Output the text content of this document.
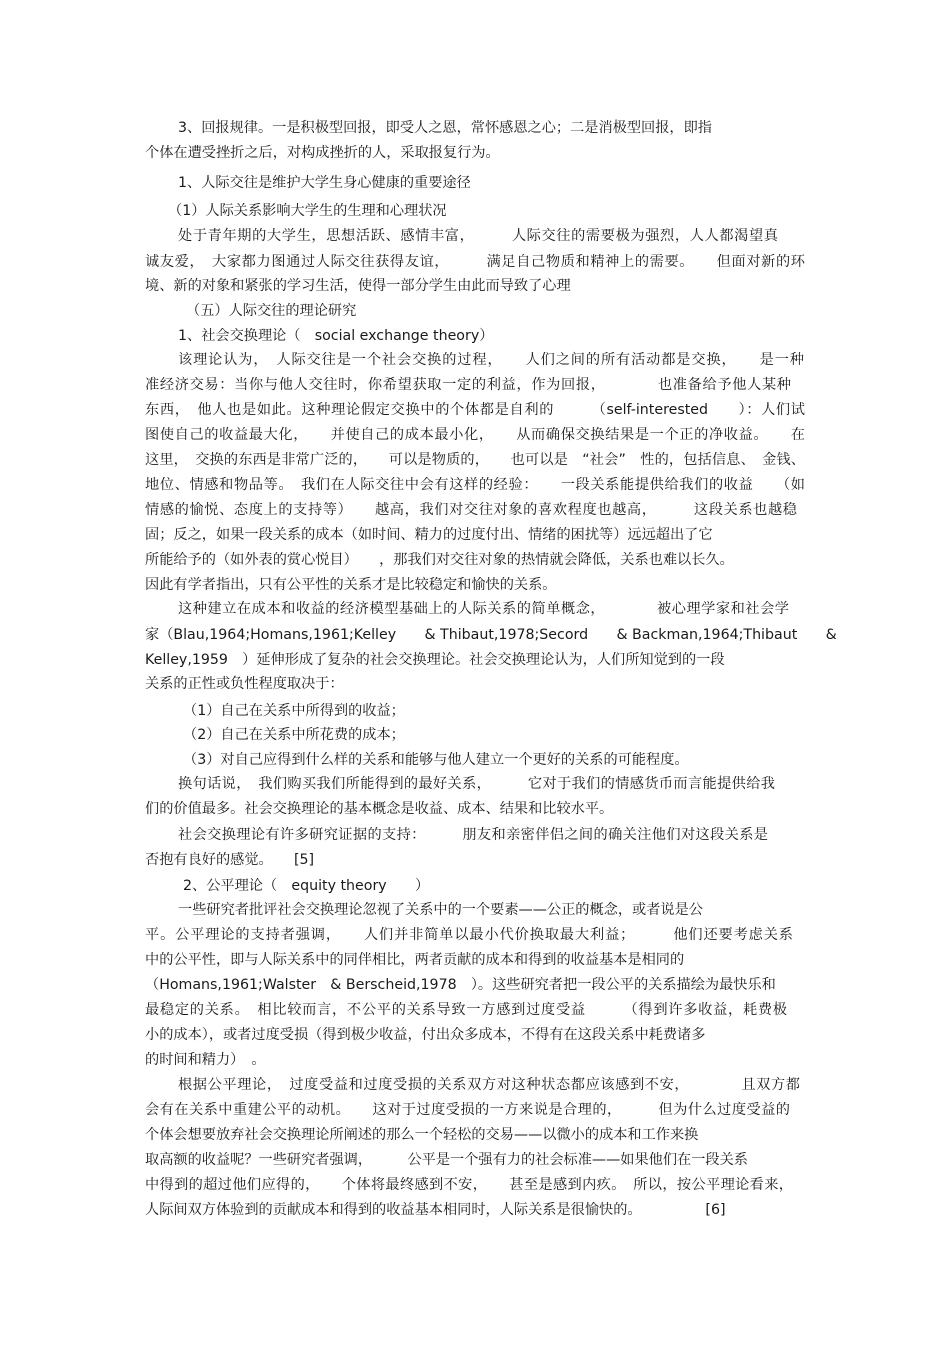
3、回报规律。一是积极型回报，即受人之恩，常怀感恩之心；二是消极型回报，即指
个体在遭受挫折之后，对构成挫折的人，采取报复行为。
1、人际交往是维护大学生身心健康的重要途径
（1）人际关系影响大学生的生理和心理状况
处于青年期的大学生，思想活跃、感情丰富，　　　人际交往的需要极为强烈，人人都渴望真
诚友爱，　大家都力图通过人际交往获得友谊，　　　满足自己物质和精神上的需要。　　但面对新的环
境、新的对象和紧张的学习生活，使得一部分学生由此而导致了心理
（五）人际交往的理论研究
1、社会交换理论（　social exchange theory）
该理论认为，　人际交往是一个社会交换的过程，　　人们之间的所有活动都是交换，　　是一种
准经济交易：当你与他人交往时，你希望获取一定的利益，作为回报，　　　　也准备给予他人某种
东西，　他人也是如此。这种理论假定交换中的个体都是自利的　　　（self-interested　　）：人们试
图使自己的收益最大化，　　并使自己的成本最小化，　　从而确保交换结果是一个正的净收益。　　在
这里，　交换的东西是非常广泛的，　　可以是物质的，　　也可以是　“社会”　性的，包括信息、　金钱、
地位、情感和物品等。　我们在人际交往中会有这样的经验：　　一段关系能提供给我们的收益　　（如
情感的愉悦、态度上的支持等）　　越高，我们对交往对象的喜欢程度也越高，　　　这段关系也越稳
固；反之，如果一段关系的成本（如时间、精力的过度付出、情绪的困扰等）远远超出了它
所能给予的（如外表的赏心悦目）　　，那我们对交往对象的热情就会降低，关系也难以长久。
因此有学者指出，只有公平性的关系才是比较稳定和愉快的关系。
这种建立在成本和收益的经济模型基础上的人际关系的简单概念，　　　　被心理学家和社会学
家（Blau,1964;Homans,1961;Kelley　　& Thibaut,1978;Secord　　& Backman,1964;Thibaut　　&
Kelley,1959　）延伸形成了复杂的社会交换理论。社会交换理论认为，人们所知觉到的一段
关系的正性或负性程度取决于：
（1）自己在关系中所得到的收益；
（2）自己在关系中所花费的成本；
（3）对自己应得到什么样的关系和能够与他人建立一个更好的关系的可能程度。
换句话说，　我们购买我们所能得到的最好关系，　　　它对于我们的情感货币而言能提供给我
们的价值最多。社会交换理论的基本概念是收益、成本、结果和比较水平。
社会交换理论有许多研究证据的支持：　　　朋友和亲密伴侣之间的确关注他们对这段关系是
否抱有良好的感觉。　　[5]
2、公平理论（　equity theory　　）
一些研究者批评社会交换理论忽视了关系中的一个要素——公正的概念，或者说是公
平。公平理论的支持者强调，　　人们并非简单以最小代价换取最大利益；　　　他们还要考虑关系
中的公平性，即与人际关系中的同伴相比，两者贡献的成本和得到的收益基本是相同的
（Homans,1961;Walster　& Berscheid,1978　）。这些研究者把一段公平的关系描绘为最快乐和
最稳定的关系。　相比较而言，不公平的关系导致一方感到过度受益　　　（得到许多收益，耗费极
小的成本），或者过度受损（得到极少收益，付出众多成本，不得有在这段关系中耗费诸多
的时间和精力）　。
根据公平理论，　过度受益和过度受损的关系双方对这种状态都应该感到不安，　　　　且双方都
会有在关系中重建公平的动机。　　这对于过度受损的一方来说是合理的，　　　但为什么过度受益的
个体会想要放弃社会交换理论所阐述的那么一个轻松的交易——以微小的成本和工作来换
取高额的收益呢？一些研究者强调，　　　公平是一个强有力的社会标准——如果他们在一段关系
中得到的超过他们应得的，　　个体将最终感到不安，　　甚至是感到内疚。　所以，按公平理论看来，
人际间双方体验到的贡献成本和得到的收益基本相同时，人际关系是很愉快的。　　　　　[6]
